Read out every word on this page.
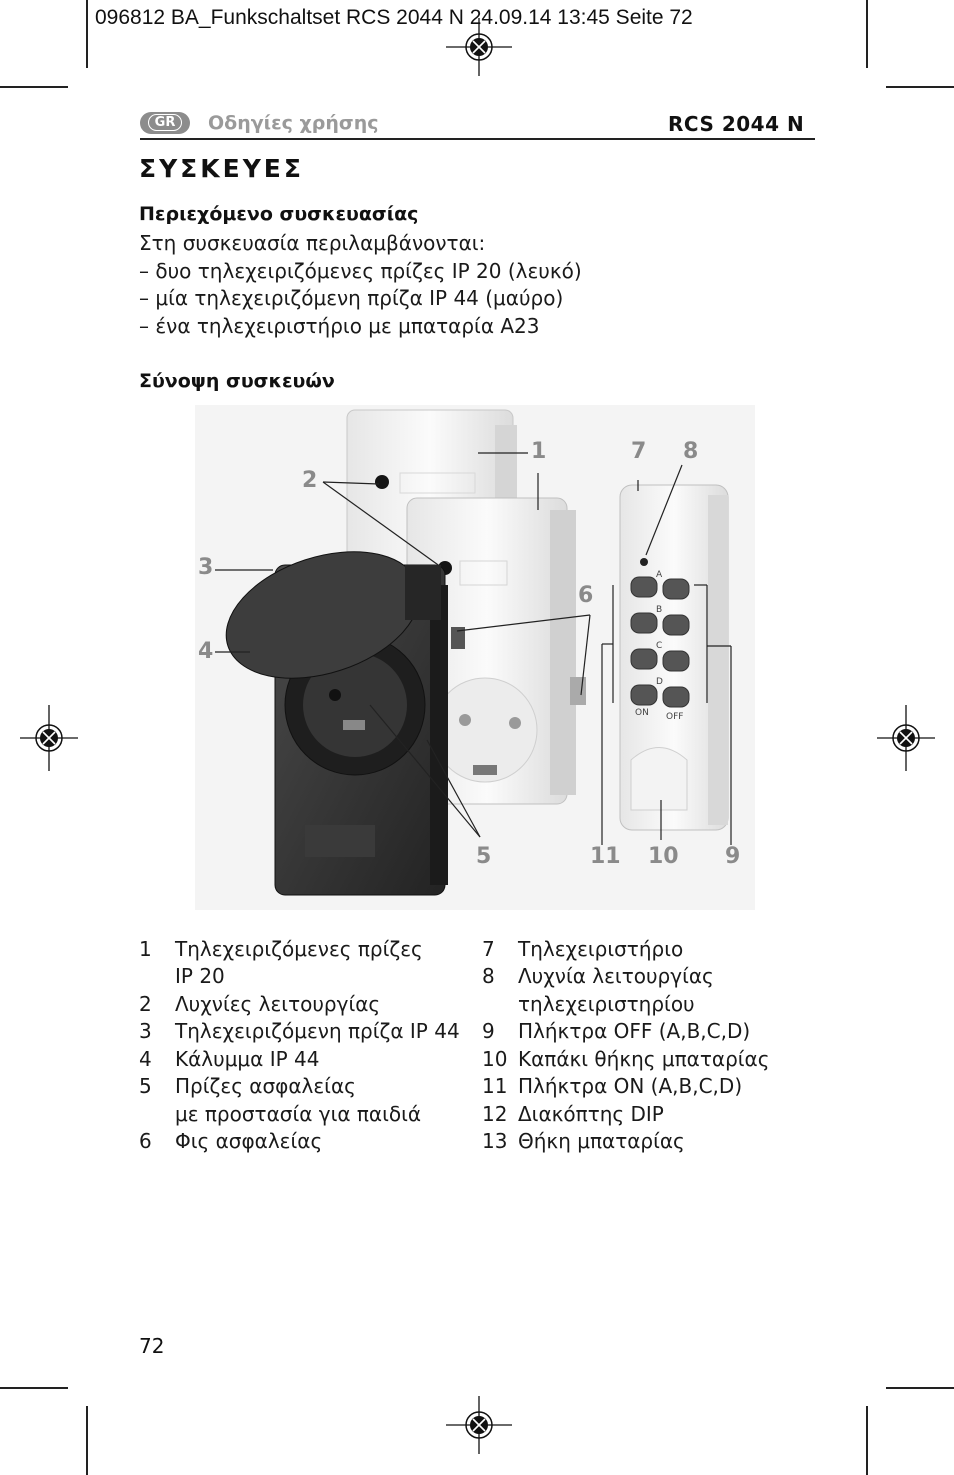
096812 BA_Funkschaltset RCS 2044 N 24.09.14 13:45 Seite 72
GR	Οδηγίες χρήσης	RCS 2044 N
ΣΥΣΚΕΥΕΣ
Περιεχόμενο συσκευασίας
Στη συσκευασία περιλαμβάνονται:
– δυο τηλεχειριζόμενες πρίζες IP 20 (λευκό)
– μία τηλεχειριζόμενη πρίζα IP 44 (μαύρο)
– ένα τηλεχειριστήριο με μπαταρία A23
Σύνοψη συσκευών
A
B
C
D
ON OFF
1
2
3
4
5
6
7 8
9
10
11
1 Τηλεχειριζόμενες πρίζες
IP 20
2 Λυχνίες λειτουργίας
3 Τηλεχειριζόμενη πρίζα IP 44
4 Κάλυμμα IP 44
5 Πρίζες ασφαλείας
με προστασία για παιδιά
6 Φις ασφαλείας
7 Τηλεχειριστήριο
8 Λυχνία λειτουργίας
τηλεχειριστηρίου
9 Πλήκτρα OFF (A,B,C,D)
10 Καπάκι θήκης μπαταρίας
11 Πλήκτρα ON (A,B,C,D)
12 Διακόπτης DIP
13 Θήκη μπαταρίας
72
